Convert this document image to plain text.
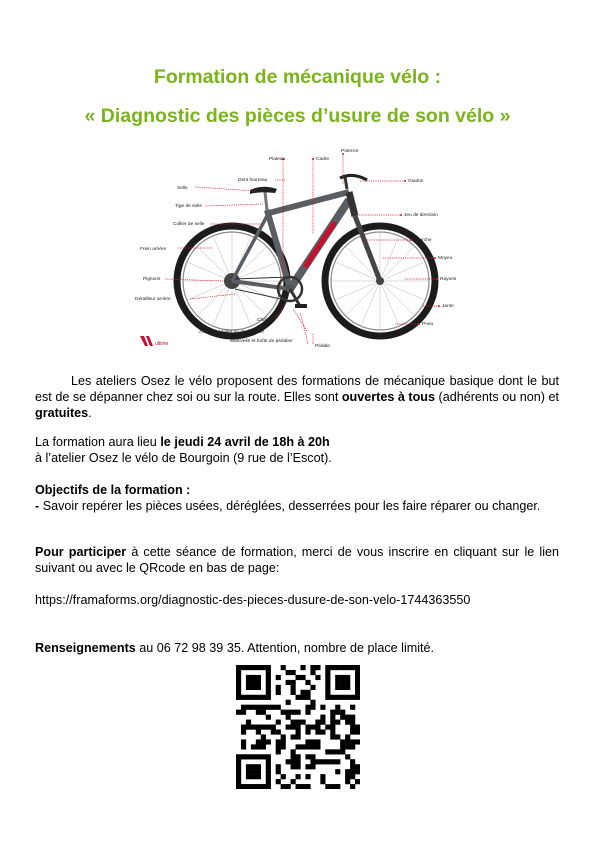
Formation de mécanique vélo :
« Diagnostic des pièces d’usure de son vélo »
Plateau	Cadre
Potence
Guidon
Selle
Dent fourreau
Tige de selle
Jeu de direction
Collier de selle
Fourche
Frein arrière
Moyeu
Pignons	Rayons
Dérailleur arrière
Jante
Pneu
Chaîne
Axe de pédalier ou de pédalier
Manivelle et boîte de pédalier
Pédale
ultime

Les ateliers Osez le vélo proposent des formations de mécanique basique dont le but est de se dépanner chez soi ou sur la route. Elles sont ouvertes à tous (adhérents ou non) et gratuites.

La formation aura lieu le jeudi 24 avril de 18h à 20h
à l’atelier Osez le vélo de Bourgoin (9 rue de l’Escot).

Objectifs de la formation :
- Savoir repérer les pièces usées, déréglées, desserrées pour les faire réparer ou changer.

Pour participer à cette séance de formation, merci de vous inscrire en cliquant sur le lien suivant ou avec le QRcode en bas de page:

https://framaforms.org/diagnostic-des-pieces-dusure-de-son-velo-1744363550

Renseignements au 06 72 98 39 35. Attention, nombre de place limité.
